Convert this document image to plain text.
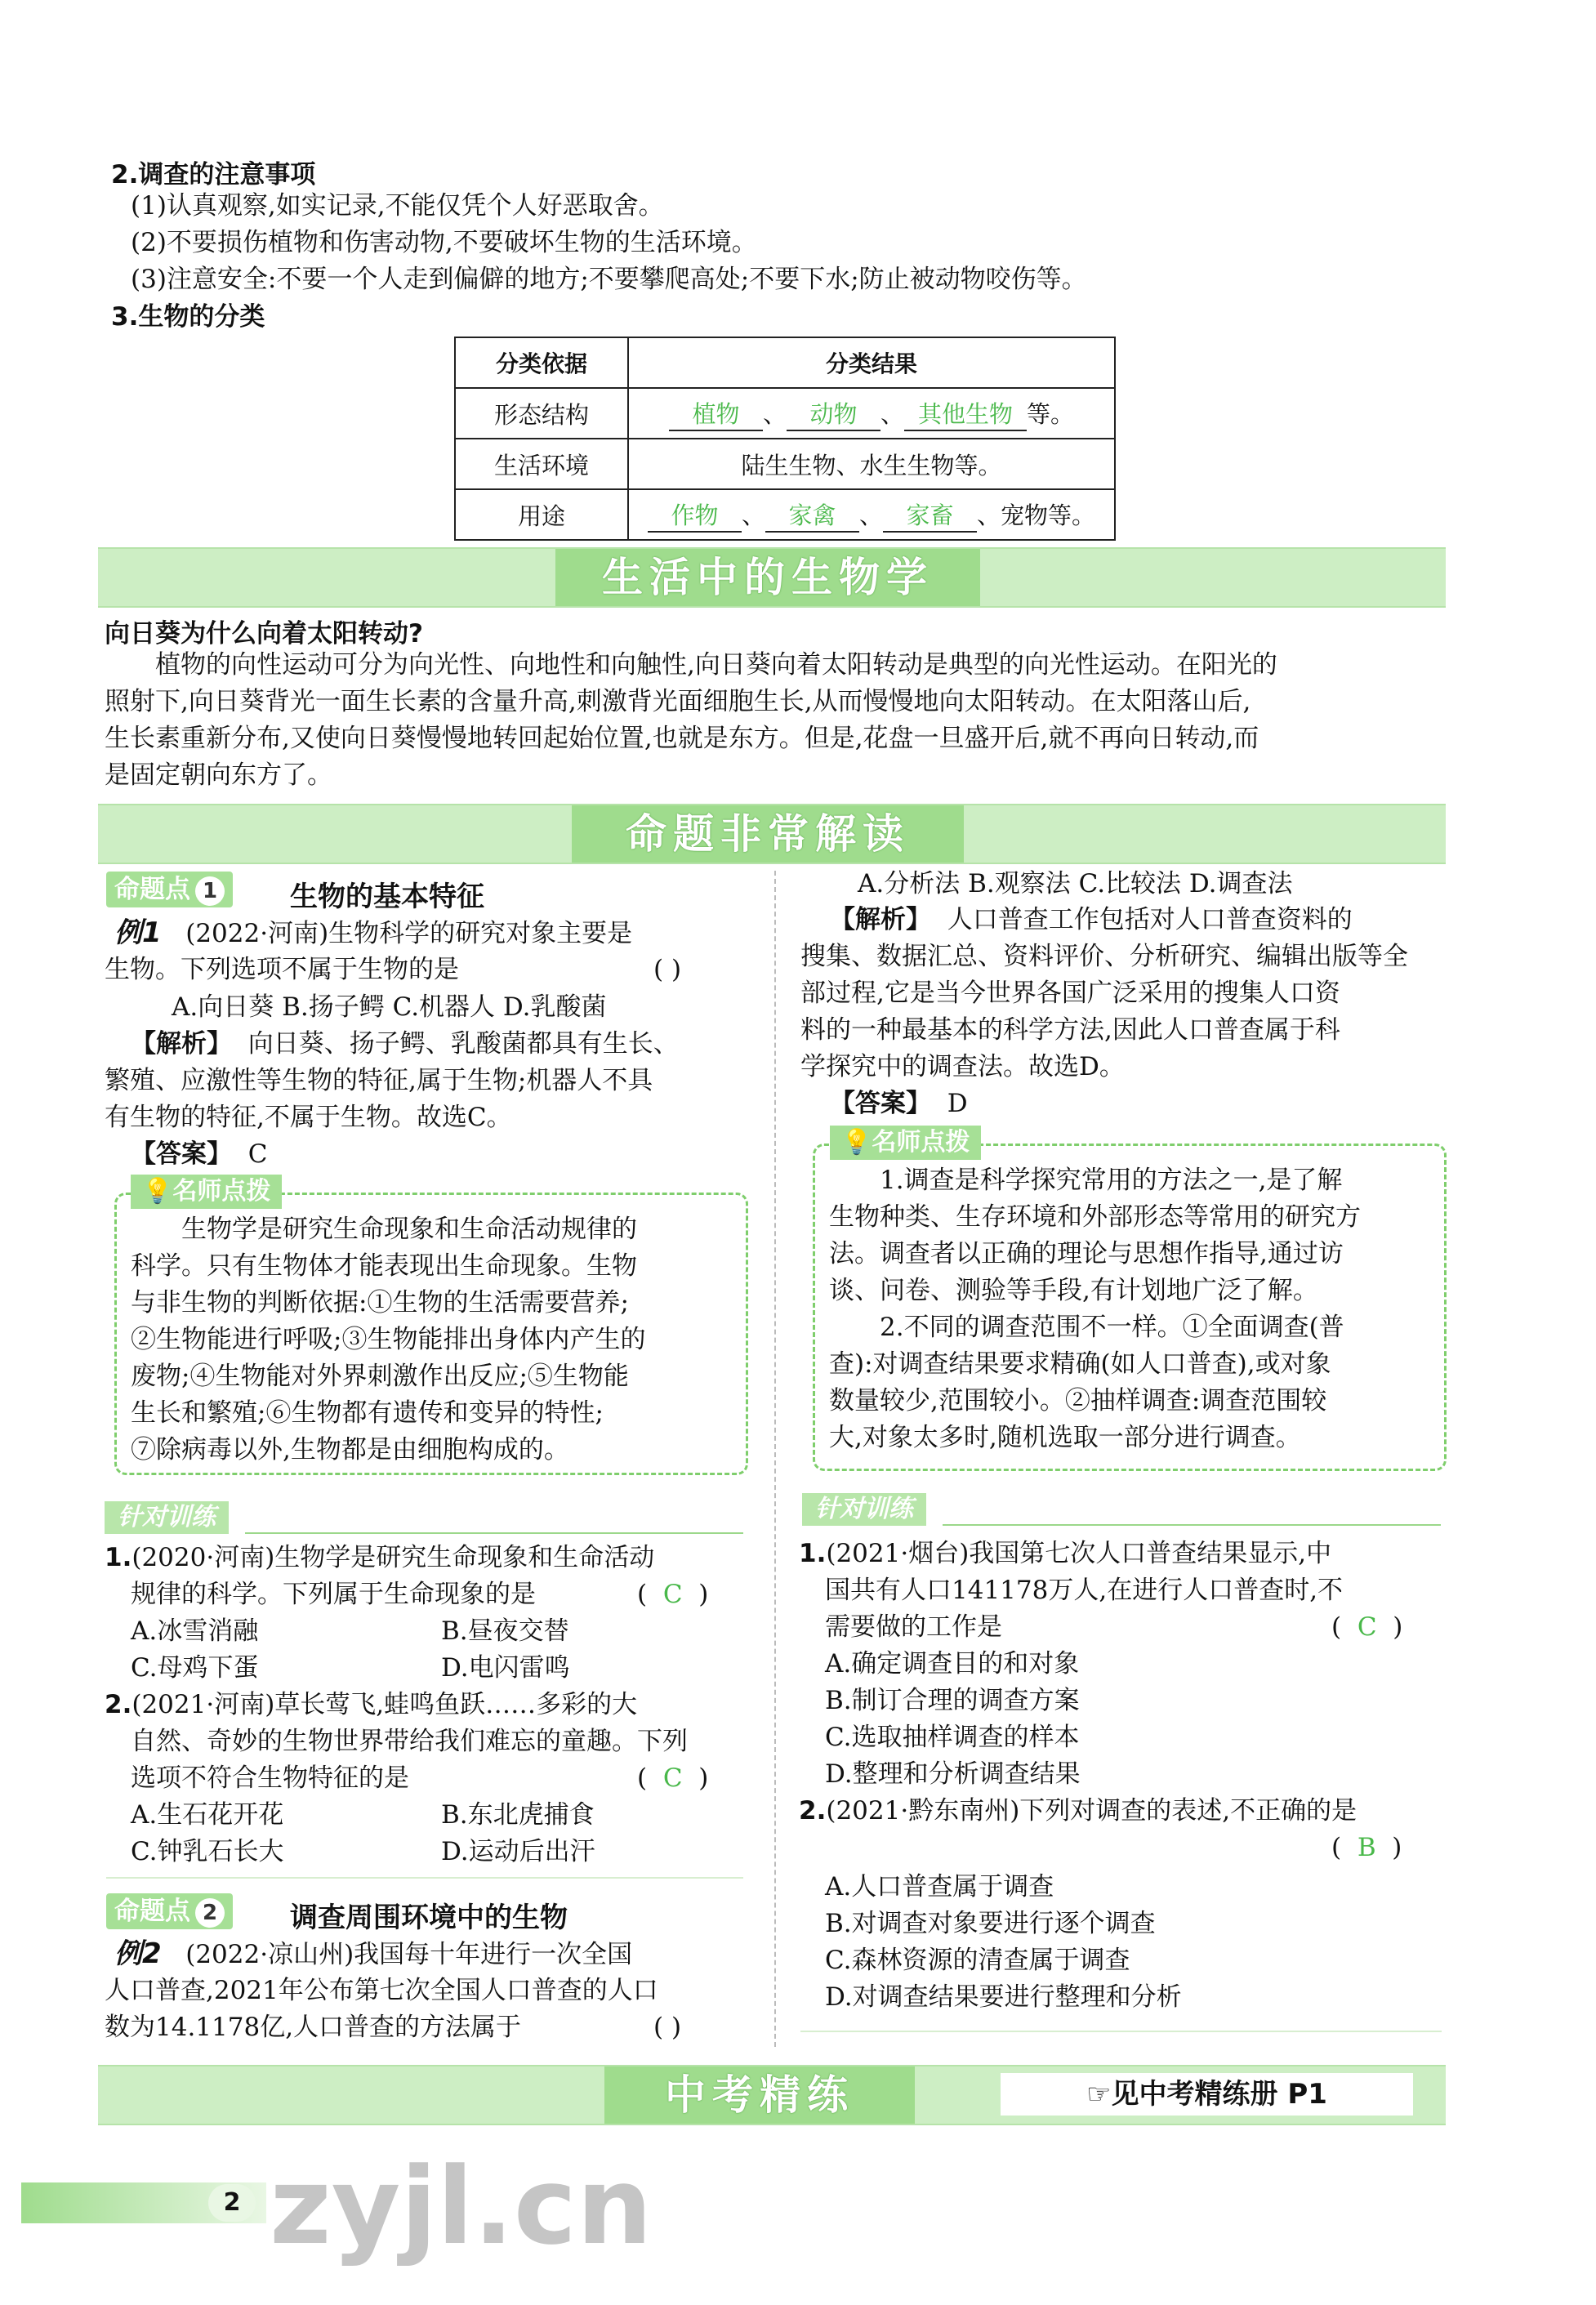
2.调查的注意事项
(1)认真观察,如实记录,不能仅凭个人好恶取舍。
(2)不要损伤植物和伤害动物,不要破坏生物的生活环境。
(3)注意安全:不要一个人走到偏僻的地方;不要攀爬高处;不要下水;防止被动物咬伤等。
3.生物的分类
分类依据	分类结果
形态结构	植物 、 动物 、 其他生物 等。
生活环境	陆生生物、水生生物等。
用途	作物 、 家禽 、 家畜 、宠物等。
生活中的生物学
向日葵为什么向着太阳转动?
植物的向性运动可分为向光性、向地性和向触性,向日葵向着太阳转动是典型的向光性运动。在阳光的
照射下,向日葵背光一面生长素的含量升高,刺激背光面细胞生长,从而慢慢地向太阳转动。在太阳落山后,
生长素重新分布,又使向日葵慢慢地转回起始位置,也就是东方。但是,花盘一旦盛开后,就不再向日转动,而
是固定朝向东方了。
命题非常解读
命题点 1	生物的基本特征
例1 (2022·河南)生物科学的研究对象主要是
生物。下列选项不属于生物的是	( )
A.向日葵 B.扬子鳄 C.机器人 D.乳酸菌
【解析】 向日葵、扬子鳄、乳酸菌都具有生长、
繁殖、应激性等生物的特征,属于生物;机器人不具
有生物的特征,不属于生物。故选C。
【答案】 C
💡名师点拨
生物学是研究生命现象和生命活动规律的
科学。只有生物体才能表现出生命现象。生物
与非生物的判断依据:①生物的生活需要营养;
②生物能进行呼吸;③生物能排出身体内产生的
废物;④生物能对外界刺激作出反应;⑤生物能
生长和繁殖;⑥生物都有遗传和变异的特性;
⑦除病毒以外,生物都是由细胞构成的。
针对训练
1.(2020·河南)生物学是研究生命现象和生命活动
规律的科学。下列属于生命现象的是	(  C  )
A.冰雪消融	B.昼夜交替
C.母鸡下蛋	D.电闪雷鸣
2.(2021·河南)草长莺飞,蛙鸣鱼跃……多彩的大
自然、奇妙的生物世界带给我们难忘的童趣。下列
选项不符合生物特征的是	(  C  )
A.生石花开花	B.东北虎捕食
C.钟乳石长大	D.运动后出汗
命题点 2	调查周围环境中的生物
例2 (2022·凉山州)我国每十年进行一次全国
人口普查,2021年公布第七次全国人口普查的人口
数为14.1178亿,人口普查的方法属于	( )
A.分析法 B.观察法 C.比较法 D.调查法
【解析】 人口普查工作包括对人口普查资料的
搜集、数据汇总、资料评价、分析研究、编辑出版等全
部过程,它是当今世界各国广泛采用的搜集人口资
料的一种最基本的科学方法,因此人口普查属于科
学探究中的调查法。故选D。
【答案】 D
💡名师点拨
1.调查是科学探究常用的方法之一,是了解
生物种类、生存环境和外部形态等常用的研究方
法。调查者以正确的理论与思想作指导,通过访
谈、问卷、测验等手段,有计划地广泛了解。
2.不同的调查范围不一样。①全面调查(普
查):对调查结果要求精确(如人口普查),或对象
数量较少,范围较小。②抽样调查:调查范围较
大,对象太多时,随机选取一部分进行调查。
针对训练
1.(2021·烟台)我国第七次人口普查结果显示,中
国共有人口141178万人,在进行人口普查时,不
需要做的工作是	(  C  )
A.确定调查目的和对象
B.制订合理的调查方案
C.选取抽样调查的样本
D.整理和分析调查结果
2.(2021·黔东南州)下列对调查的表述,不正确的是
(  B  )
A.人口普查属于调查
B.对调查对象要进行逐个调查
C.森林资源的清查属于调查
D.对调查结果要进行整理和分析
中考精练	☞见中考精练册 P1
2 zyjl.cn
